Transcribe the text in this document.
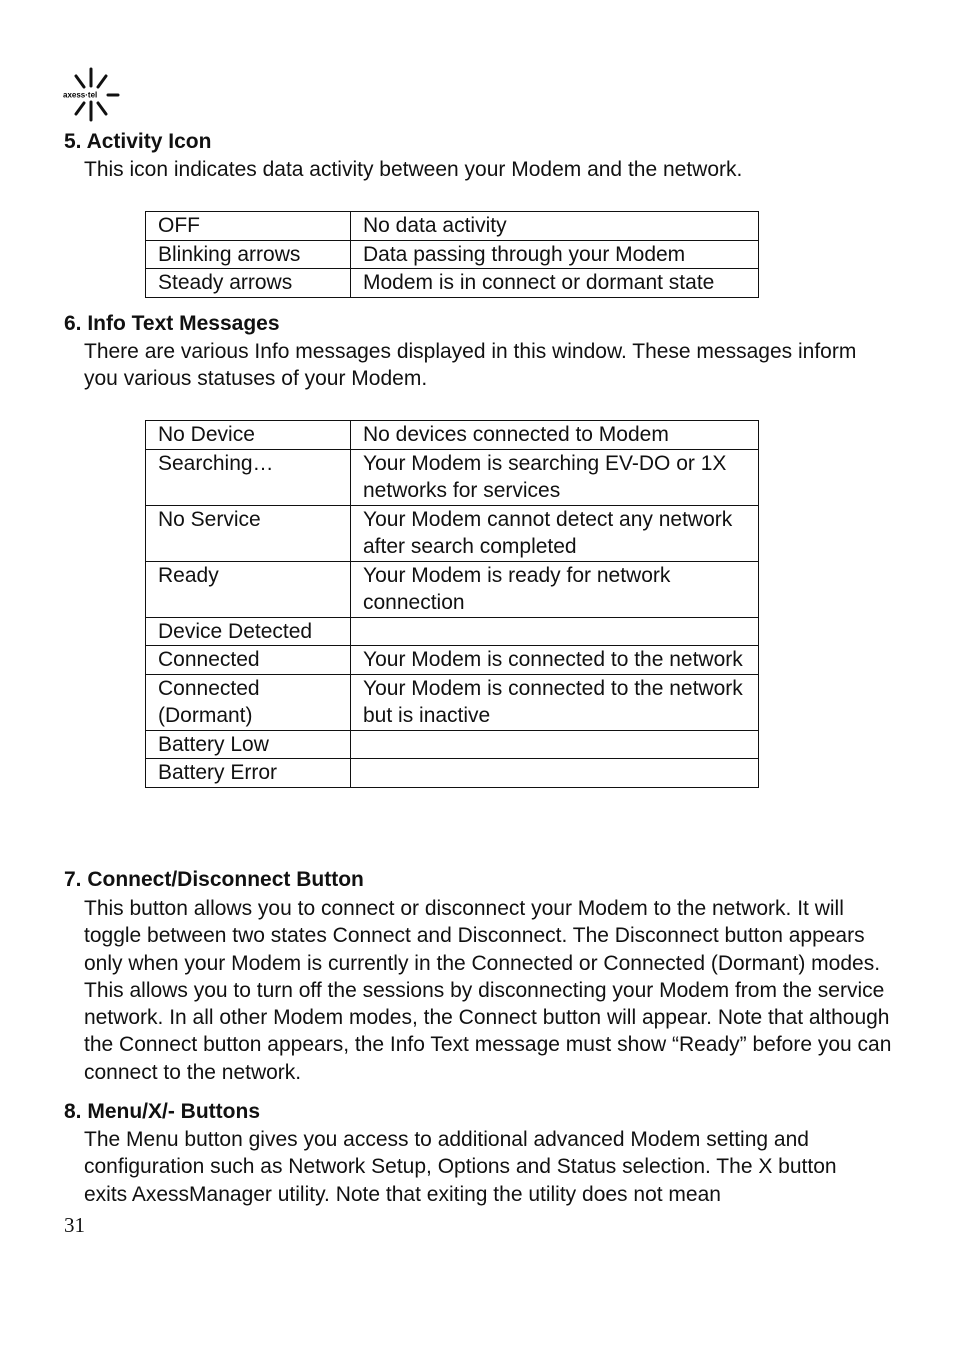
axess·tel
5. Activity Icon

This icon indicates data activity between your Modem and the network.

OFF	No data activity
Blinking arrows	Data passing through your Modem
Steady arrows	Modem is in connect or dormant state
6. Info Text Messages

There are various Info messages displayed in this window. These messages inform you various statuses of your Modem.

No Device	No devices connected to Modem
Searching…	Your Modem is searching EV-DO or 1X networks for services
No Service	Your Modem cannot detect any network after search completed
Ready	Your Modem is ready for network connection
Device Detected	
Connected	Your Modem is connected to the network
Connected (Dormant)	Your Modem is connected to the network but is inactive
Battery Low	
Battery Error	
7. Connect/Disconnect Button

This button allows you to connect or disconnect your Modem to the network. It will toggle between two states Connect and Disconnect. The Disconnect button appears only when your Modem is currently in the Connected or Connected (Dormant) modes. This allows you to turn off the sessions by disconnecting your Modem from the service network. In all other Modem modes, the Connect button will appear. Note that although the Connect button appears, the Info Text message must show “Ready” before you can connect to the network.

8. Menu/X/- Buttons

The Menu button gives you access to additional advanced Modem setting and configuration such as Network Setup, Options and Status selection. The X button exits AxessManager utility. Note that exiting the utility does not mean

31
